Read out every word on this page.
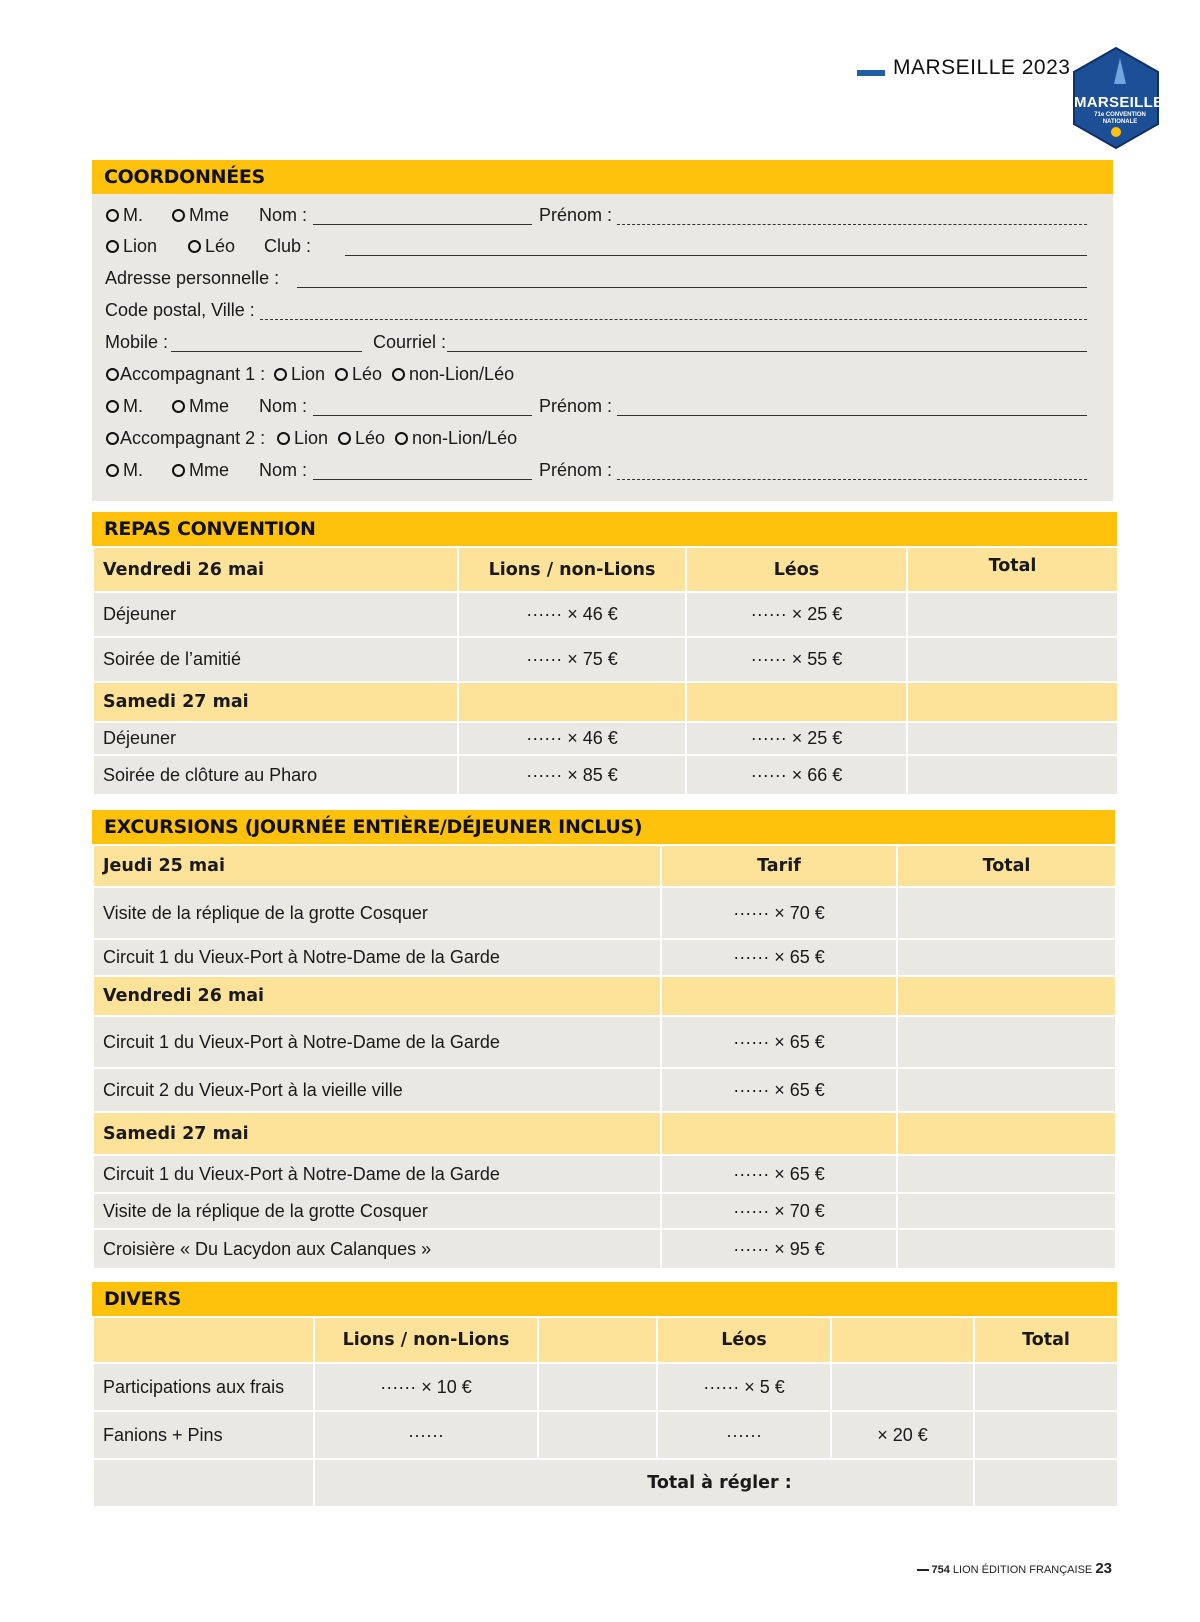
MARSEILLE 2023
MARSEILLE
71e CONVENTION NATIONALE
COORDONNÉES
M.	Mme Nom :	Prénom :
Lion	Léo Club :
Adresse personnelle :
Code postal, Ville :
Mobile :	Courriel :
Accompagnant 1 :	Lion	Léo	non-Lion/Léo
M.	Mme Nom :	Prénom :
Accompagnant 2 :	Lion	Léo	non-Lion/Léo
M.	Mme Nom :	Prénom :
REPAS CONVENTION
Vendredi 26 mai	Lions / non-Lions	Léos	Total
Déjeuner	······ × 46 €	······ × 25 €	
Soirée de l’amitié	······ × 75 €	······ × 55 €	
Samedi 27 mai			
Déjeuner	······ × 46 €	······ × 25 €	
Soirée de clôture au Pharo	······ × 85 €	······ × 66 €	
EXCURSIONS (JOURNÉE ENTIÈRE/DÉJEUNER INCLUS)
Jeudi 25 mai	Tarif	Total
Visite de la réplique de la grotte Cosquer	······ × 70 €	
Circuit 1 du Vieux-Port à Notre-Dame de la Garde	······ × 65 €	
Vendredi 26 mai		
Circuit 1 du Vieux-Port à Notre-Dame de la Garde	······ × 65 €	
Circuit 2 du Vieux-Port à la vieille ville	······ × 65 €	
Samedi 27 mai		
Circuit 1 du Vieux-Port à Notre-Dame de la Garde	······ × 65 €	
Visite de la réplique de la grotte Cosquer	······ × 70 €	
Croisière « Du Lacydon aux Calanques »	······ × 95 €	
DIVERS
	Lions / non-Lions		Léos		Total
Participations aux frais	······ × 10 €		······ × 5 €		
Fanions + Pins	······		······	× 20 €	
	Total à régler :				
754 LION ÉDITION FRANÇAISE 23
